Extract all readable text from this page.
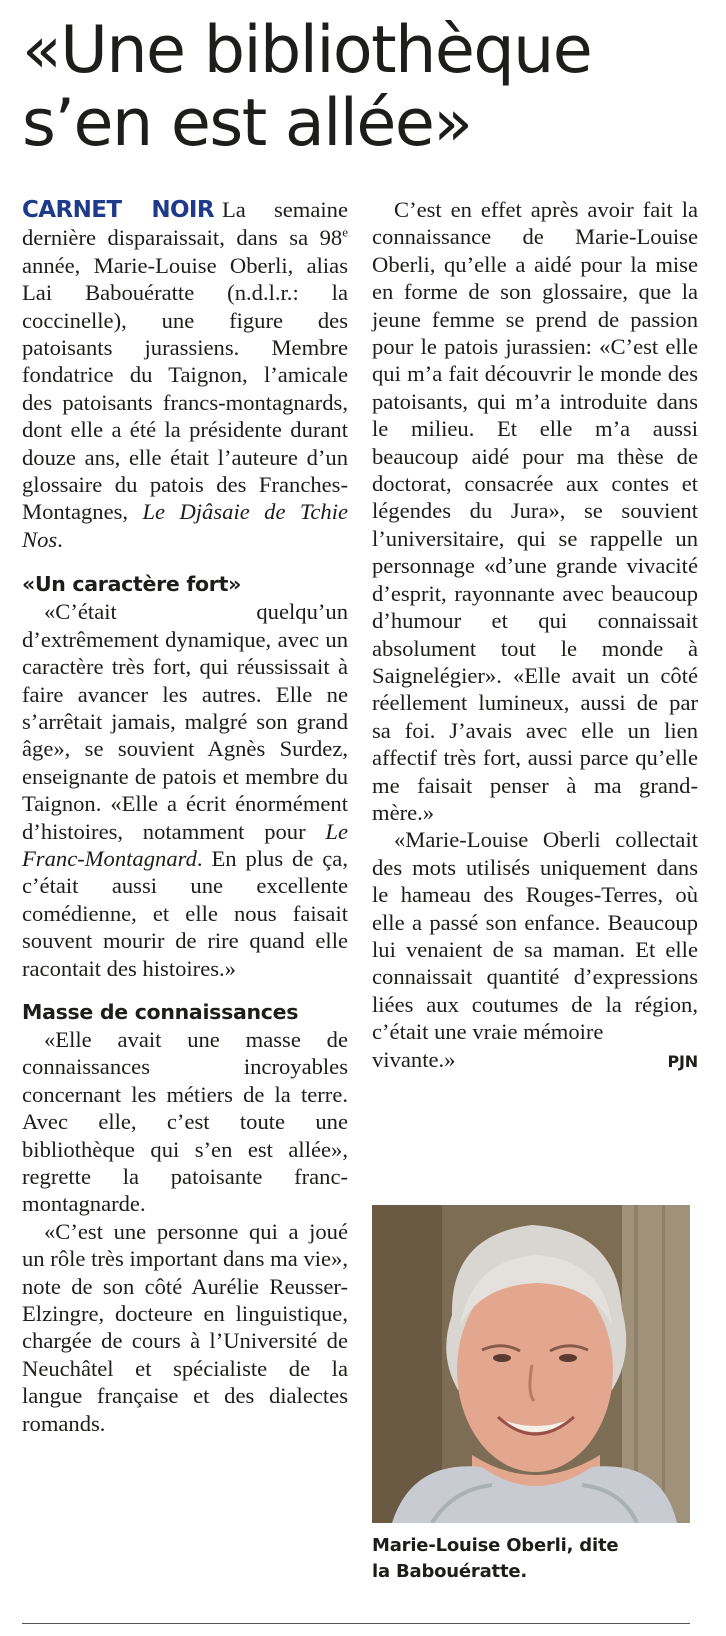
«Une bibliothèque
s’en est allée»

CARNET NOIR La semaine dernière disparaissait, dans sa 98e année, Marie-Louise Oberli, alias Lai Babouératte (n.d.l.r.: la coccinelle), une figure des patoisants jurassiens. Membre fondatrice du Taignon, l’amicale des patoisants francs-montagnards, dont elle a été la présidente durant douze ans, elle était l’auteure d’un glossaire du patois des Franches-Montagnes, Le Djâsaie de Tchie Nos.

«Un caractère fort»

«C’était quelqu’un d’extrêmement dynamique, avec un caractère très fort, qui réussissait à faire avancer les autres. Elle ne s’arrêtait jamais, malgré son grand âge», se souvient Agnès Surdez, enseignante de patois et membre du Taignon. «Elle a écrit énormément d’histoires, notamment pour Le Franc-Montagnard. En plus de ça, c’était aussi une excellente comédienne, et elle nous faisait souvent mourir de rire quand elle racontait des histoires.»

Masse de connaissances

«Elle avait une masse de connaissances incroyables concernant les métiers de la terre. Avec elle, c’est toute une bibliothèque qui s’en est allée», regrette la patoisante franc-montagnarde.

«C’est une personne qui a joué un rôle très important dans ma vie», note de son côté Aurélie Reusser-Elzingre, docteure en linguistique, chargée de cours à l’Université de Neuchâtel et spécialiste de la langue française et des dialectes romands.

C’est en effet après avoir fait la connaissance de Marie-Louise Oberli, qu’elle a aidé pour la mise en forme de son glossaire, que la jeune femme se prend de passion pour le patois jurassien: «C’est elle qui m’a fait découvrir le monde des patoisants, qui m’a introduite dans le milieu. Et elle m’a aussi beaucoup aidé pour ma thèse de doctorat, consacrée aux contes et légendes du Jura», se souvient l’universitaire, qui se rappelle un personnage «d’une grande vivacité d’esprit, rayonnante avec beaucoup d’humour et qui connaissait absolument tout le monde à Saignelégier». «Elle avait un côté réellement lumineux, aussi de par sa foi. J’avais avec elle un lien affectif très fort, aussi parce qu’elle me faisait penser à ma grand-mère.»

«Marie-Louise Oberli collectait des mots utilisés uniquement dans le hameau des Rouges-Terres, où elle a passé son enfance. Beaucoup lui venaient de sa maman. Et elle connaissait quantité d’expressions liées aux coutumes de la région, c’était une vraie mémoire

vivante.»	PJN

Marie-Louise Oberli, dite
la Babouératte.
